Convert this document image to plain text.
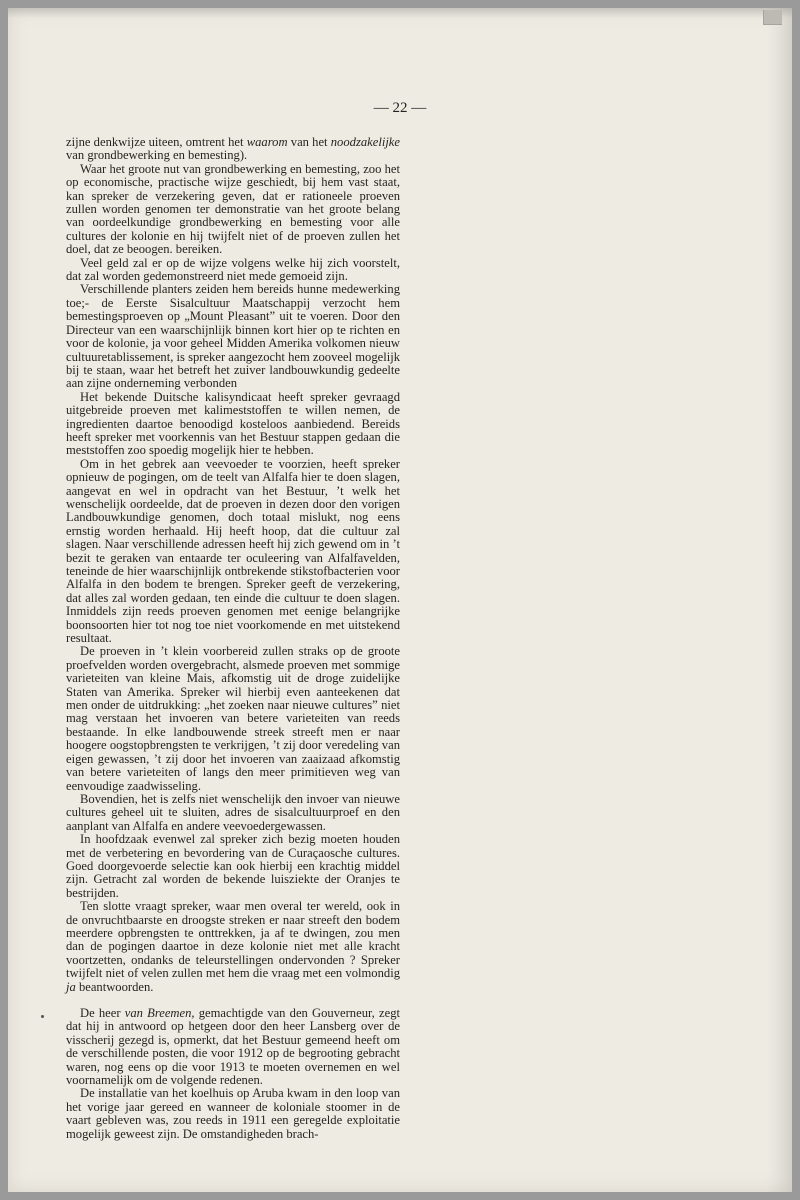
— 22 —

zijne denkwijze uiteen, omtrent het waarom van het noodzakelijke van grondbewerking en bemesting).

Waar het groote nut van grondbewerking en bemesting, zoo het op economische, practische wijze geschiedt, bij hem vast staat, kan spreker de verzekering geven, dat er rationeele proeven zullen worden genomen ter demonstratie van het groote belang van oordeelkundige grondbewerking en bemesting voor alle cultures der kolonie en hij twijfelt niet of de proeven zullen het doel, dat ze beoogen. bereiken.

Veel geld zal er op de wijze volgens welke hij zich voorstelt, dat zal worden gedemonstreerd niet mede gemoeid zijn.

Verschillende planters zeiden hem bereids hunne medewerking toe;- de Eerste Sisalcultuur Maatschappij verzocht hem bemestingsproeven op „Mount Pleasant” uit te voeren. Door den Directeur van een waarschijnlijk binnen kort hier op te richten en voor de kolonie, ja voor geheel Midden Amerika volkomen nieuw cultuuretablissement, is spreker aangezocht hem zooveel mogelijk bij te staan, waar het betreft het zuiver landbouwkundig gedeelte aan zijne onderneming verbonden

Het bekende Duitsche kalisyndicaat heeft spreker gevraagd uitgebreide proeven met kalimeststoffen te willen nemen, de ingredienten daartoe benoodigd kosteloos aanbiedend. Bereids heeft spreker met voorkennis van het Bestuur stappen gedaan die meststoffen zoo spoedig mogelijk hier te hebben.

Om in het gebrek aan veevoeder te voorzien, heeft spreker opnieuw de pogingen, om de teelt van Alfalfa hier te doen slagen, aangevat en wel in opdracht van het Bestuur, ’t welk het wenschelijk oordeelde, dat de proeven in dezen door den vorigen Landbouwkundige genomen, doch totaal mislukt, nog eens ernstig worden herhaald. Hij heeft hoop, dat die cultuur zal slagen. Naar verschillende adressen heeft hij zich gewend om in ’t bezit te geraken van entaarde ter oculeering van Alfalfavelden, teneinde de hier waarschijnlijk ontbrekende stikstofbacterien voor Alfalfa in den bodem te brengen. Spreker geeft de verzekering, dat alles zal worden gedaan, ten einde die cultuur te doen slagen. Inmiddels zijn reeds proeven genomen met eenige belangrijke boonsoorten hier tot nog toe niet voorkomende en met uitstekend resultaat.

De proeven in ’t klein voorbereid zullen straks op de groote proefvelden worden overgebracht, alsmede proeven met sommige varieteiten van kleine Mais, afkomstig uit de droge zuidelijke Staten van Amerika. Spreker wil hierbij even aanteekenen dat men onder de uitdrukking: „het zoeken naar nieuwe cultures” niet mag verstaan het invoeren van betere varieteiten van reeds bestaande. In elke landbouwende streek streeft men er naar hoogere oogstopbrengsten te verkrijgen, ’t zij door veredeling van eigen gewassen, ’t zij door het invoeren van zaaizaad afkomstig van betere varieteiten of langs den meer primitieven weg van eenvoudige zaadwisseling.

Bovendien, het is zelfs niet wenschelijk den invoer van nieuwe cultures geheel uit te sluiten, adres de sisalcultuurproef en den aanplant van Alfalfa en andere veevoedergewassen.

In hoofdzaak evenwel zal spreker zich bezig moeten houden met de verbetering en bevordering van de Curaçaosche cultures. Goed doorgevoerde selectie kan ook hierbij een krachtig middel zijn. Getracht zal worden de bekende luisziekte der Oranjes te bestrijden.

Ten slotte vraagt spreker, waar men overal ter wereld, ook in de onvruchtbaarste en droogste streken er naar streeft den bodem meerdere opbrengsten te onttrekken, ja af te dwingen, zou men dan de pogingen daartoe in deze kolonie niet met alle kracht voortzetten, ondanks de teleurstellingen ondervonden ? Spreker twijfelt niet of velen zullen met hem die vraag met een volmondig ja beantwoorden.

De heer van Breemen, gemachtigde van den Gouverneur, zegt dat hij in antwoord op hetgeen door den heer Lansberg over de visscherij gezegd is, opmerkt, dat het Bestuur gemeend heeft om de verschillende posten, die voor 1912 op de begrooting gebracht waren, nog eens op die voor 1913 te moeten overnemen en wel voornamelijk om de volgende redenen.

De installatie van het koelhuis op Aruba kwam in den loop van het vorige jaar gereed en wanneer de koloniale stoomer in de vaart gebleven was, zou reeds in 1911 een geregelde exploitatie mogelijk geweest zijn. De omstandigheden brach-
